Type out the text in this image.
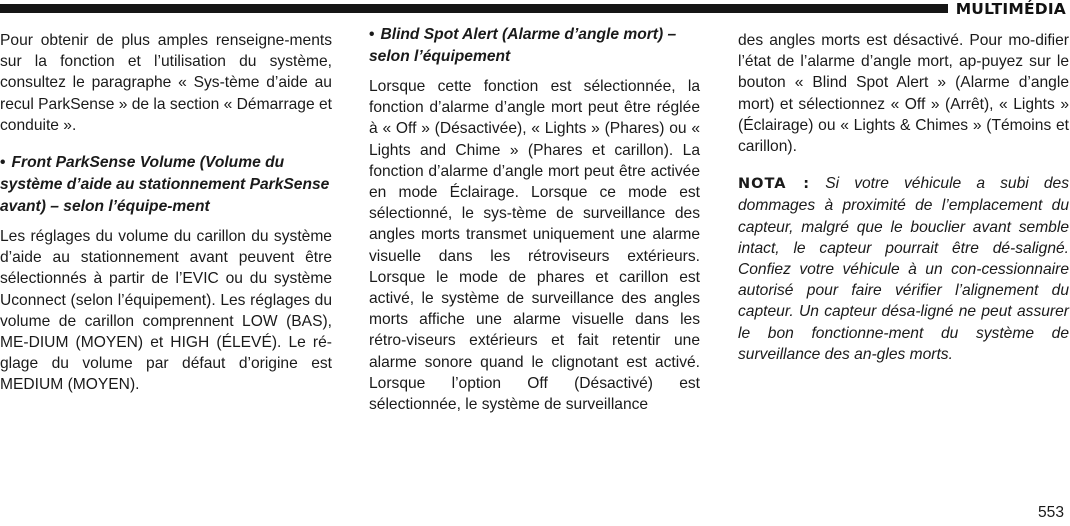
MULTIMÉDIA

Pour obtenir de plus amples renseigne-ments sur la fonction et l’utilisation du système, consultez le paragraphe « Sys-tème d’aide au recul ParkSense » de la section « Démarrage et conduite ».

• Front ParkSense Volume (Volume du système d’aide au stationnement ParkSense avant) – selon l’équipe-ment

Les réglages du volume du carillon du système d’aide au stationnement avant peuvent être sélectionnés à partir de l’EVIC ou du système Uconnect (selon l’équipement). Les réglages du volume de carillon comprennent LOW (BAS), ME-DIUM (MOYEN) et HIGH (ÉLEVÉ). Le ré-glage du volume par défaut d’origine est MEDIUM (MOYEN).

• Blind Spot Alert (Alarme d’angle mort) – selon l’équipement

Lorsque cette fonction est sélectionnée, la fonction d’alarme d’angle mort peut être réglée à « Off » (Désactivée), « Lights » (Phares) ou « Lights and Chime » (Phares et carillon). La fonction d’alarme d’angle mort peut être activée en mode Éclairage. Lorsque ce mode est sélectionné, le sys-tème de surveillance des angles morts transmet uniquement une alarme visuelle dans les rétroviseurs extérieurs. Lorsque le mode de phares et carillon est activé, le système de surveillance des angles morts affiche une alarme visuelle dans les rétro-viseurs extérieurs et fait retentir une alarme sonore quand le clignotant est activé. Lorsque l’option Off (Désactivé) est sélectionnée, le système de surveillance

des angles morts est désactivé. Pour mo-difier l’état de l’alarme d’angle mort, ap-puyez sur le bouton « Blind Spot Alert » (Alarme d’angle mort) et sélectionnez « Off » (Arrêt), « Lights » (Éclairage) ou « Lights & Chimes » (Témoins et carillon).

NOTA : Si votre véhicule a subi des dommages à proximité de l’emplacement du capteur, malgré que le bouclier avant semble intact, le capteur pourrait être dé-saligné. Confiez votre véhicule à un con-cessionnaire autorisé pour faire vérifier l’alignement du capteur. Un capteur désa-ligné ne peut assurer le bon fonctionne-ment du système de surveillance des an-gles morts.

553
